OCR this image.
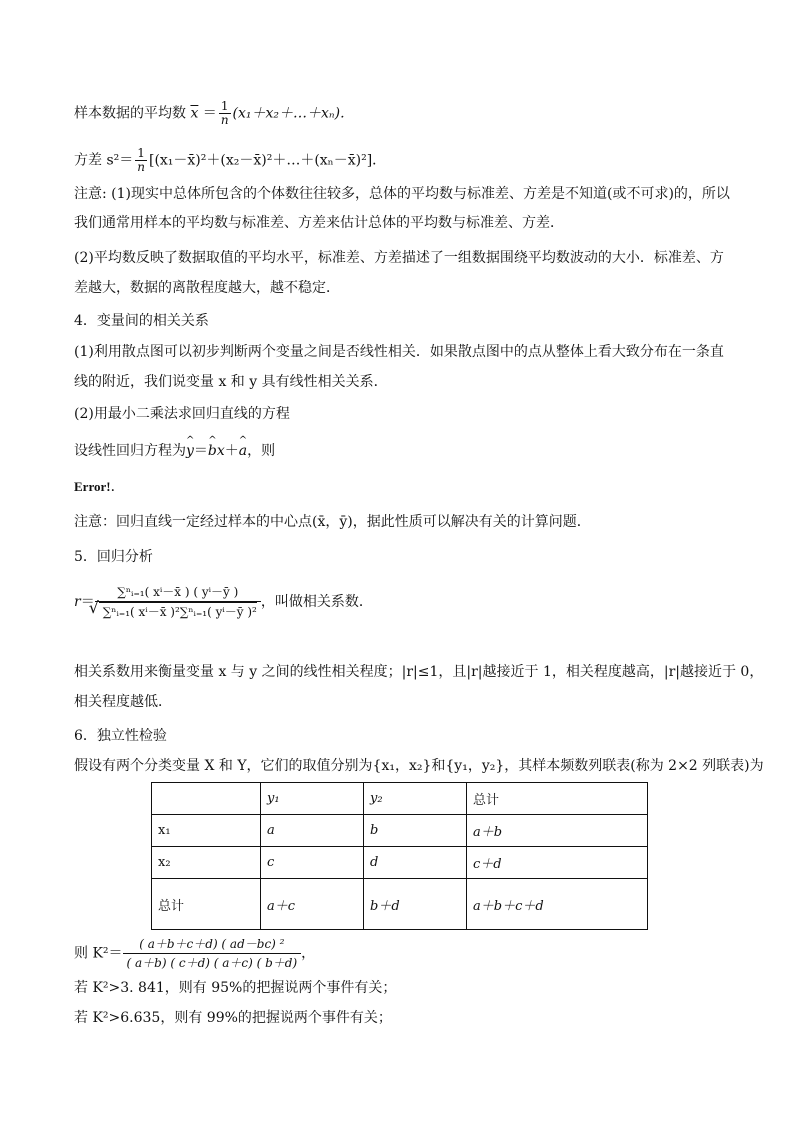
样本数据的平均数 $\overline{x} = \frac{1}{n}$ (x₁＋x₂＋…＋xₙ)．
方差 $s^2= \frac{1}{n}$ [(x₁－x̄)²＋(x₂－x̄)²＋…＋(xₙ－x̄)²]．
注意: (1)现实中总体所包含的个体数往往较多，总体的平均数与标准差、方差是不知道(或不可求)的，所以
我们通常用样本的平均数与标准差、方差来估计总体的平均数与标准差、方差．
(2)平均数反映了数据取值的平均水平，标准差、方差描述了一组数据围绕平均数波动的大小．标准差、方
差越大，数据的离散程度越大，越不稳定．
4．变量间的相关关系
(1)利用散点图可以初步判断两个变量之间是否线性相关．如果散点图中的点从整体上看大致分布在一条直
线的附近，我们说变量 x 和 y 具有线性相关关系．
(2)用最小二乘法求回归直线的方程
设线性回归方程为^ y＝^ bx＋^ a，则
Error!．
注意：回归直线一定经过样本的中心点(x̄，ȳ)，据此性质可以解决有关的计算问题．
5．回归分析
r＝ ∑ⁿᵢ₌₁( xⁱ－x̄ ) ( yⁱ－ȳ )
√ ∑ⁿᵢ₌₁( xⁱ－x̄ )²∑ⁿᵢ₌₁( yⁱ－ȳ )² ，叫做相关系数．
相关系数用来衡量变量 x 与 y 之间的线性相关程度；|r|≤1，且|r|越接近于 1，相关程度越高，|r|越接近于 0，
相关程度越低．
6．独立性检验
假设有两个分类变量 X 和 Y，它们的取值分别为{x₁，x₂}和{y₁，y₂}，其样本频数列联表(称为 2×2 列联表)为
	y₁	y₂	总计
x₁	a	b	a＋b
x₂	c	d	c＋d
总计	a＋c	b＋d	a＋b＋c＋d
则 $K^2= \frac{\text{( a＋b＋c＋d) ( ad－bc) ²}}{( a+b) ( c+d) ( a+c) ( b+d)}$ ，
若 K²>3. 841，则有 95%的把握说两个事件有关；
若 K²>6.635，则有 99%的把握说两个事件有关；
